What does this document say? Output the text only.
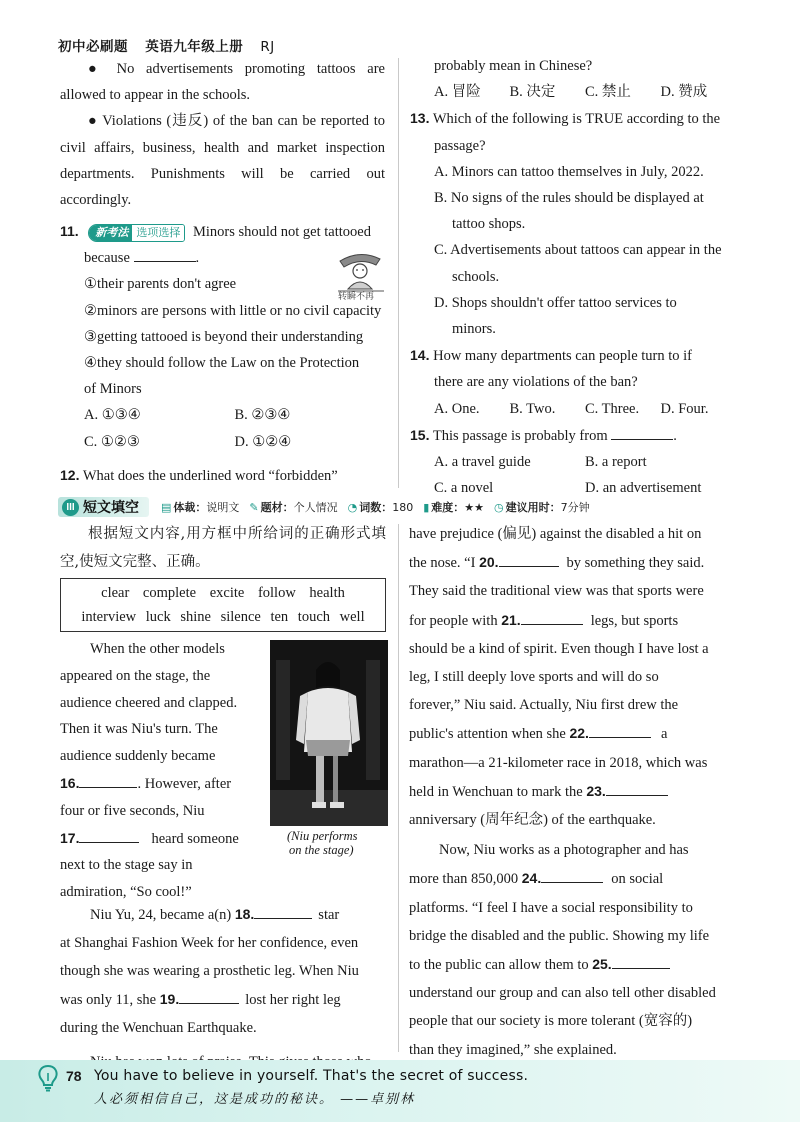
初中必刷题 英语九年级上册 RJ

● No advertisements promoting tattoos are allowed to appear in the schools.

● Violations (违反) of the ban can be reported to civil affairs, business, health and market inspection departments. Punishments will be carried out accordingly.

11.	新考法 选项选择 Minors should not get tattooed

because	.

①their parents don't agree

②minors are persons with little or no civil capacity

③getting tattooed is beyond their understanding

④they should follow the Law on the Protection

of Minors

A. ①③④	B. ②③④
C. ①②③	D. ①②④
转瞬不再

12. What does the underlined word “forbidden”

probably mean in Chinese?

A. 冒险	B. 决定	C. 禁止	D. 赞成

13. Which of the following is TRUE according to the

passage?

A. Minors can tattoo themselves in July, 2022.

B. No signs of the rules should be displayed at

tattoo shops.

C. Advertisements about tattoos can appear in the

schools.

D. Shops shouldn't offer tattoo services to

minors.

14. How many departments can people turn to if

there are any violations of the ban?

A. One.	B. Two.	C. Three.	D. Four.

15. This passage is probably from	.

A. a travel guide	B. a report
C. a novel	D. an advertisement
III 短文填空 ▤ 体裁：说明文 ✎ 题材：个人情况 ◔ 词数：180 ▮ 难度：★★ ◷ 建议用时：7分钟
根据短文内容,用方框中所给词的正确形式填空,使短文完整、正确。
clear complete excite follow health
interview luck shine silence ten touch well

When the other models

appeared on the stage, the

audience cheered and clapped.

Then it was Niu's turn. The

audience suddenly became

16.	. However, after

four or five seconds, Niu

17.	heard someone

next to the stage say in

admiration, “So cool!”

(Niu performs
on the stage)

Niu Yu, 24, became a(n) 18.	star

at Shanghai Fashion Week for her confidence, even

though she was wearing a prosthetic leg. When Niu

was only 11, she 19.	lost her right leg

during the Wenchuan Earthquake.

have prejudice (偏见) against the disabled a hit on

the nose. “I 20.	by something they said.

They said the traditional view was that sports were

for people with 21.	legs, but sports

should be a kind of spirit. Even though I have lost a

leg, I still deeply love sports and will do so

forever,” Niu said. Actually, Niu first drew the

public's attention when she 22.	a

marathon—a 21-kilometer race in 2018, which was

held in Wenchuan to mark the 23.

anniversary (周年纪念) of the earthquake.

Now, Niu works as a photographer and has

more than 850,000 24.	on social

platforms. “I feel I have a social responsibility to

bridge the disabled and the public. Showing my life

to the public can allow them to 25.

understand our group and can also tell other disabled

people that our society is more tolerant (宽容的)

than they imagined,” she explained.

78 You have to believe in yourself. That's the secret of success.
人必须相信自己，这是成功的秘诀。 ——卓别林
